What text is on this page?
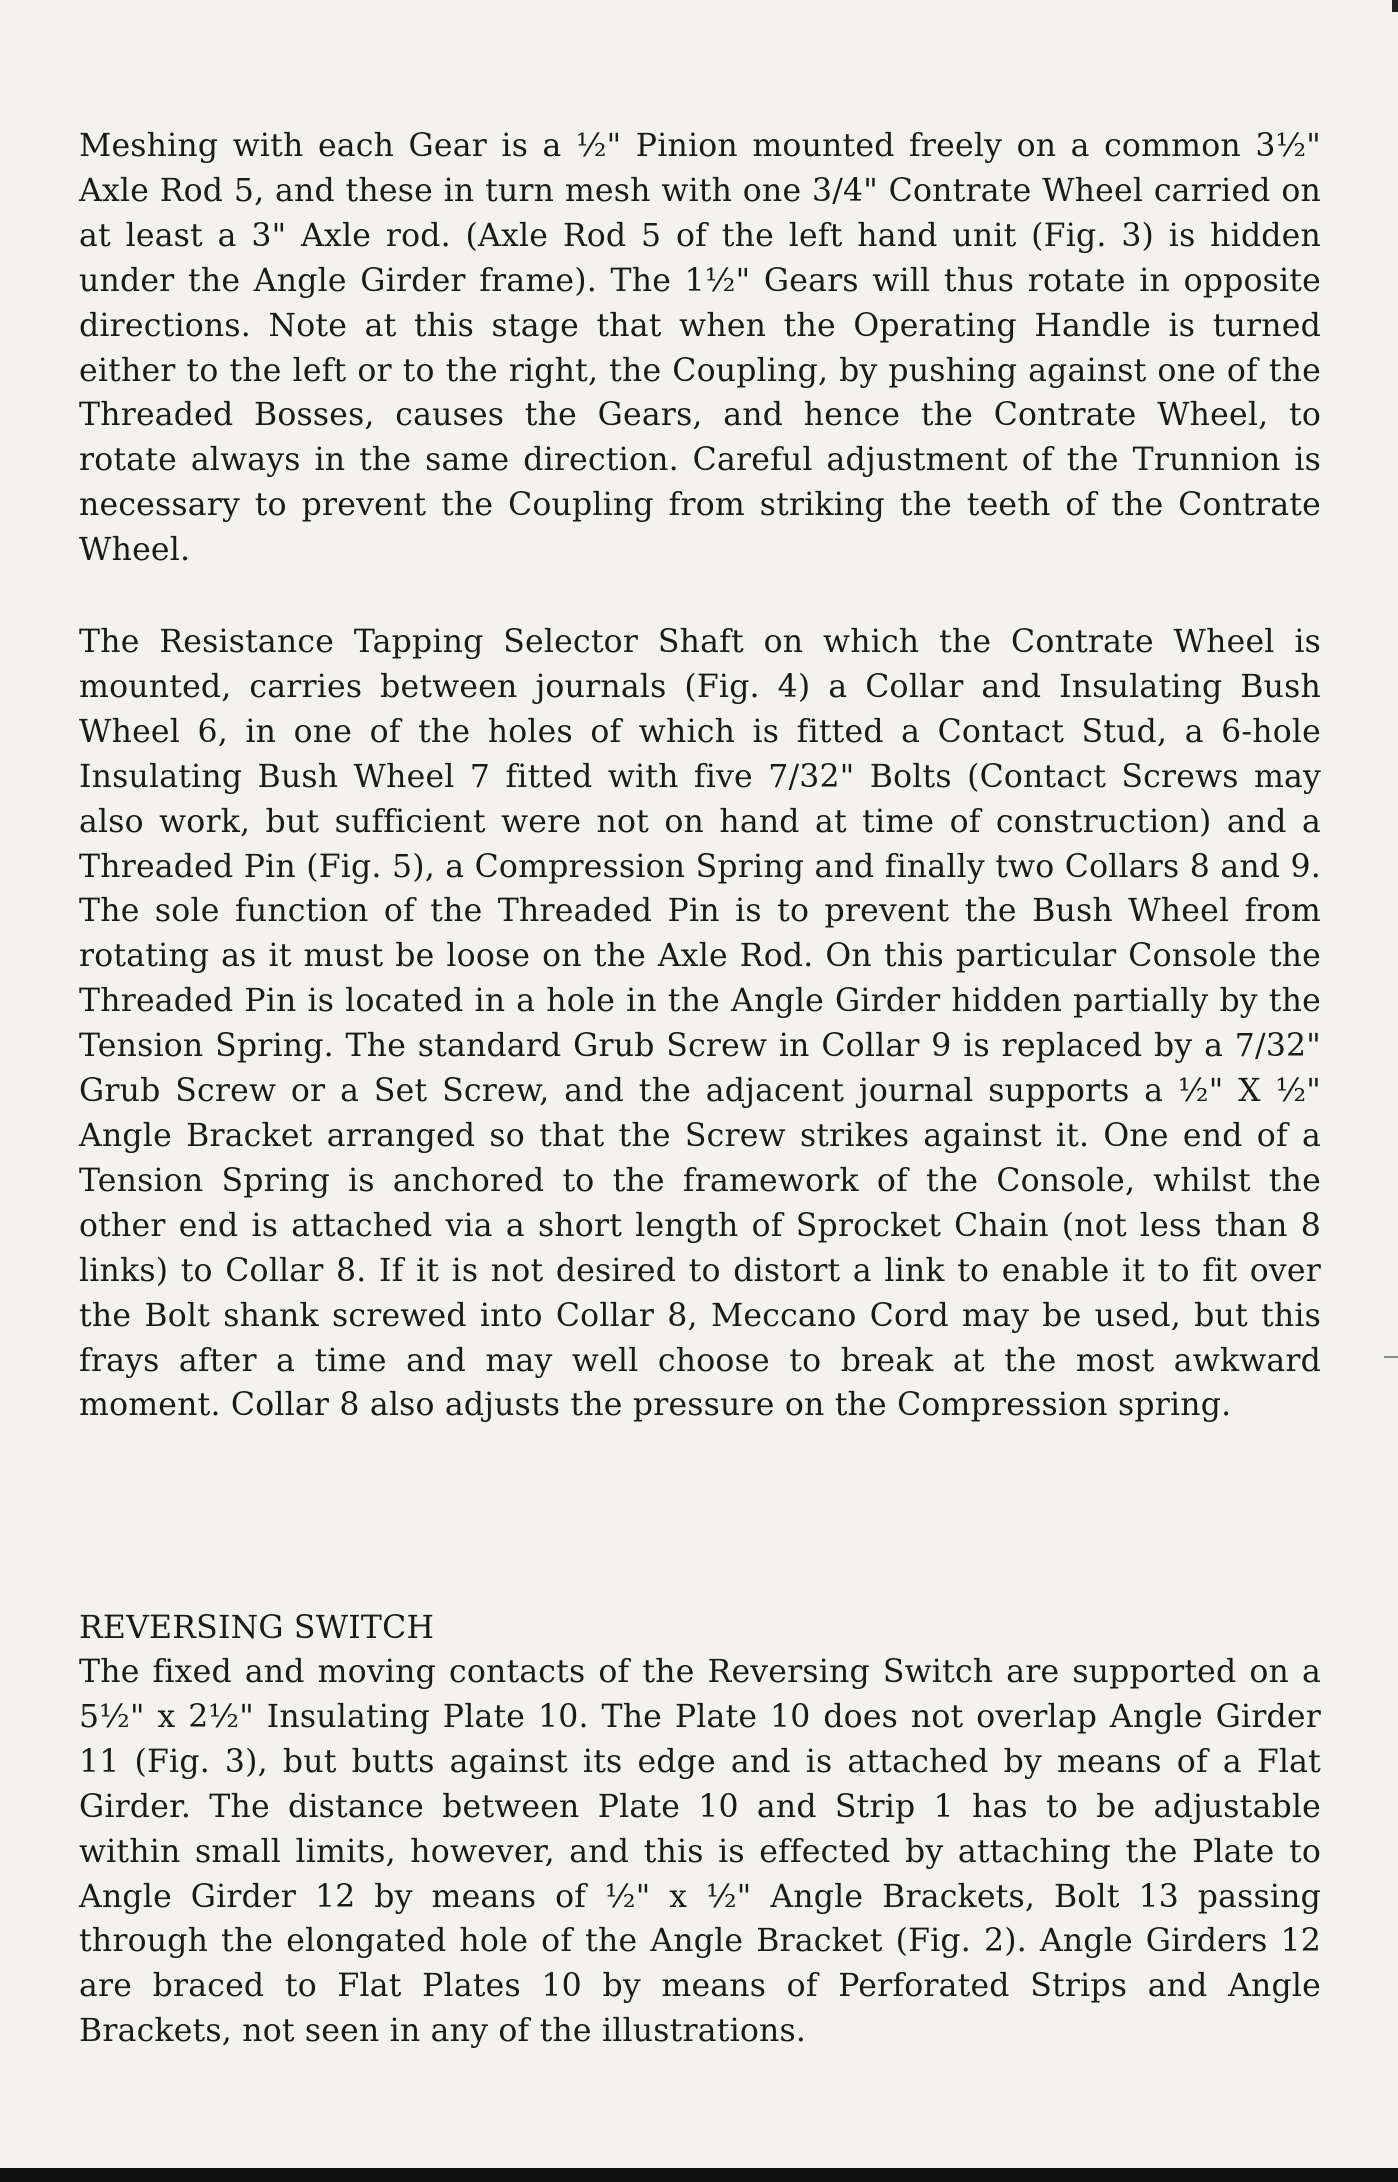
Meshing with each Gear is a ½" Pinion mounted freely on a common 3½" Axle Rod 5, and these in turn mesh with one 3/4" Contrate Wheel carried on at least a 3" Axle rod. (Axle Rod 5 of the left hand unit (Fig. 3) is hidden under the Angle Girder frame). The 1½" Gears will thus rotate in opposite directions. Note at this stage that when the Operating Handle is turned either to the left or to the right, the Coupling, by pushing against one of the Threaded Bosses, causes the Gears, and hence the Contrate Wheel, to rotate always in the same direction. Careful adjustment of the Trunnion is necessary to prevent the Coupling from striking the teeth of the Contrate Wheel.

The Resistance Tapping Selector Shaft on which the Contrate Wheel is mounted, carries between journals (Fig. 4) a Collar and Insulating Bush Wheel 6, in one of the holes of which is fitted a Contact Stud, a 6-hole Insulating Bush Wheel 7 fitted with five 7/32" Bolts (Contact Screws may also work, but sufficient were not on hand at time of construction) and a Threaded Pin (Fig. 5), a Compression Spring and finally two Collars 8 and 9. The sole function of the Threaded Pin is to prevent the Bush Wheel from rotating as it must be loose on the Axle Rod. On this particular Console the Threaded Pin is located in a hole in the Angle Girder hidden partially by the Tension Spring. The standard Grub Screw in Collar 9 is replaced by a 7/32" Grub Screw or a Set Screw, and the adjacent journal supports a ½" X ½" Angle Bracket arranged so that the Screw strikes against it. One end of a Tension Spring is anchored to the framework of the Console, whilst the other end is attached via a short length of Sprocket Chain (not less than 8 links) to Collar 8. If it is not desired to distort a link to enable it to fit over the Bolt shank screwed into Collar 8, Meccano Cord may be used, but this frays after a time and may well choose to break at the most awkward moment. Collar 8 also adjusts the pressure on the Compression spring.

REVERSING SWITCH

The fixed and moving contacts of the Reversing Switch are supported on a 5½" x 2½" Insulating Plate 10. The Plate 10 does not overlap Angle Girder 11 (Fig. 3), but butts against its edge and is attached by means of a Flat Girder. The distance between Plate 10 and Strip 1 has to be adjustable within small limits, however, and this is effected by attaching the Plate to Angle Girder 12 by means of ½" x ½" Angle Brackets, Bolt 13 passing through the elongated hole of the Angle Bracket (Fig. 2). Angle Girders 12 are braced to Flat Plates 10 by means of Perforated Strips and Angle Brackets, not seen in any of the illustrations.
